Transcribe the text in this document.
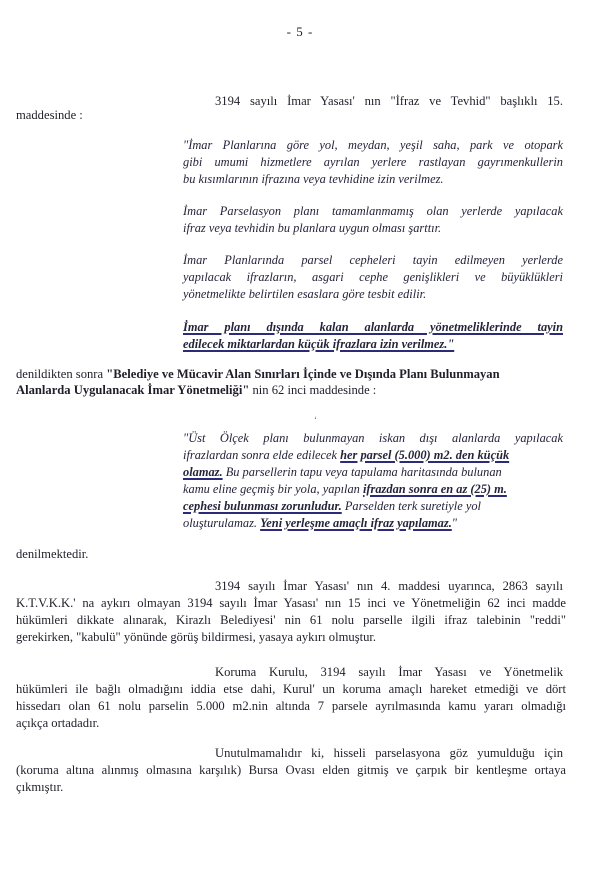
- 5 -
3194 sayılı İmar Yasası' nın "İfraz ve Tevhid" başlıklı 15.
maddesinde :
"İmar Planlarına göre yol, meydan, yeşil saha, park ve otopark
gibi umumi hizmetlere ayrılan yerlere rastlayan gayrımenkullerin
bu kısımlarının ifrazına veya tevhidine izin verilmez.
İmar Parselasyon planı tamamlanmamış olan yerlerde yapılacak
ifraz veya tevhidin bu planlara uygun olması şarttır.
İmar Planlarında parsel cepheleri tayin edilmeyen yerlerde
yapılacak ifrazların, asgari cephe genişlikleri ve büyüklükleri
yönetmelikte belirtilen esaslara göre tesbit edilir.
İmar planı dışında kalan alanlarda yönetmeliklerinde tayin
edilecek miktarlardan küçük ifrazlara izin verilmez."
denildikten sonra "Belediye ve Mücavir Alan Sınırları İçinde ve Dışında Planı Bulunmayan
Alanlarda Uygulanacak İmar Yönetmeliği" nin 62 inci maddesinde :
‘
"Üst Ölçek planı bulunmayan iskan dışı alanlarda yapılacak
ifrazlardan sonra elde edilecek her parsel (5.000) m2. den küçük
olamaz. Bu parsellerin tapu veya tapulama haritasında bulunan
kamu eline geçmiş bir yola, yapılan ifrazdan sonra en az (25) m.
cephesi bulunması zorunludur. Parselden terk suretiyle yol
oluşturulamaz. Yeni yerleşme amaçlı ifraz yapılamaz."
denilmektedir.
3194 sayılı İmar Yasası' nın 4. maddesi uyarınca, 2863 sayılı
K.T.V.K.K.' na aykırı olmayan 3194 sayılı İmar Yasası' nın 15 inci ve Yönetmeliğin 62 inci madde
hükümleri dikkate alınarak, Kirazlı Belediyesi' nin 61 nolu parselle ilgili ifraz talebinin "reddi"
gerekirken, "kabulü" yönünde görüş bildirmesi, yasaya aykırı olmuştur.
Koruma Kurulu, 3194 sayılı İmar Yasası ve Yönetmelik
hükümleri ile bağlı olmadığını iddia etse dahi, Kurul' un koruma amaçlı hareket etmediği ve dört
hissedarı olan 61 nolu parselin 5.000 m2.nin altında 7 parsele ayrılmasında kamu yararı olmadığı
açıkça ortadadır.
Unutulmamalıdır ki, hisseli parselasyona göz yumulduğu için
(koruma altına alınmış olmasına karşılık) Bursa Ovası elden gitmiş ve çarpık bir kentleşme ortaya
çıkmıştır.
